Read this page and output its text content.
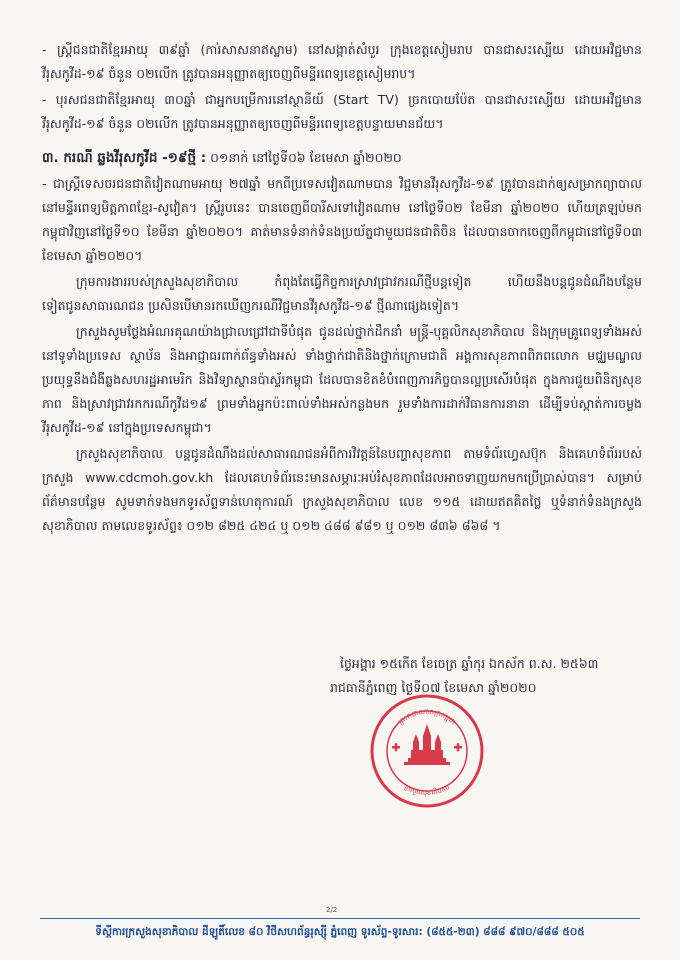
- ស្ត្រីជនជាតិខ្មែរអាយុ ៣៩ឆ្នាំ (ការ់សាសនាឥស្លាម) នៅសង្កាត់សំបួរ ក្រុងខេត្តសៀមរាប បានជាសះស្បើយ ដោយអវិជ្ជមានវីរុសកូវីដ-១៩ ចំនួន ០២លើក ត្រូវបានអនុញ្ញាតឲ្យចេញពីមន្ទីរពេទ្យខេត្តសៀមរាប។

- បុរសជនជាតិខ្មែរអាយុ ៣០ឆ្នាំ ជាអ្នកបម្រើការនៅស្ថានីយ៍ (Start TV) ច្រកបោយប៉ែត បានជាសះស្បើយ ដោយអវិជ្ជមានវីរុសកូវីដ-១៩ ចំនួន ០២លើក ត្រូវបានអនុញ្ញាតឲ្យចេញពីមន្ទីរពេទ្យខេត្តបន្ទាយមានជ័យ។

៣. ករណី ឆ្លងវីរុសកូវីដ -១៩ថ្មី : ០១នាក់ នៅថ្ងៃទី០៦ ខែមេសា ឆ្នាំ២០២០

- ជាស្ត្រីទេសចរជនជាតិវៀតណាមអាយុ ២៧ឆ្នាំ មកពីប្រទេសវៀតណាមបាន វិជ្ជមានវីរុសកូវីដ-១៩ ត្រូវបានដាក់ឲ្យសម្រាកព្យាបាលនៅមន្ទីរពេទ្យមិត្តភាពខ្មែរ-សូវៀត។ ស្ត្រីរូបនេះ បានចេញពីបារីសទៅវៀតណាម នៅថ្ងៃទី០២ ខែមីនា ឆ្នាំ២០២០ ហើយត្រឡប់មកកម្ពុជាវិញនៅថ្ងៃទី១០ ខែមីនា ឆ្នាំ២០២០។ គាត់មានទំនាក់ទំនងប្រយ័ត្នជាមួយជនជាតិចិន ដែលបានចាកចេញពីកម្ពុជានៅថ្ងៃទី០៣ ខែមេសា ឆ្នាំ២០២០។

ក្រុមការងាររបស់ក្រសួងសុខាភិបាល កំពុងតែធ្វើកិច្ចការស្រាវជ្រាវករណីថ្មីបន្តទៀត ហើយនឹងបន្តជូនដំណឹងបន្ថែមទៀតជូនសាធារណជន ប្រសិនបើមានរកឃើញករណីវិជ្ជមានវីរុសកូវីដ-១៩ ថ្មីណាផ្សេងទៀត។

ក្រសួងសូមថ្លែងអំណរគុណយ៉ាងជ្រាលជ្រៅជាទីបំផុត ជូនដល់ថ្នាក់ដឹកនាំ មន្ត្រី-បុគ្គលិកសុខាភិបាល និងក្រុមគ្រូពេទ្យទាំងអស់នៅទូទាំងប្រទេស ស្ថាប័ន និងអាជ្ញាធរពាក់ព័ន្ធទាំងអស់ ទាំងថ្នាក់ជាតិនិងថ្នាក់ក្រោមជាតិ អង្គការសុខភាពពិភពលោក មជ្ឈមណ្ឌលប្រយុទ្ធនឹងជំងឺឆ្លងសហរដ្ឋអាមេរិក និងវិទ្យាស្ថានប៉ាស្ទ័រកម្ពុជា ដែលបានខិតខំបំពេញភារកិច្ចបានល្អប្រសើរបំផុត ក្នុងការជួយពិនិត្យសុខភាព និងស្រាវជ្រាវរកករណីកូវីដ១៩ ព្រមទាំងអ្នកប៉ះពាល់ទាំងអស់កន្លងមក រួមទាំងការដាក់វិធានការនានា ដើម្បីទប់ស្កាត់ការចម្លងវីរុសកូវីដ-១៩ នៅក្នុងប្រទេសកម្ពុជា។

ក្រសួងសុខាភិបាល បន្តជូនដំណឹងដល់សាធារណជនអំពីការវិវត្តន៍នៃបញ្ហាសុខភាព តាមទំព័រហ្វេសប៊ុក និងគេហទំព័ររបស់ក្រសួង www.cdcmoh.gov.kh ដែលគេហទំព័រនេះមានសម្ភារៈអប់រំសុខភាពដែលអាចទាញយកមកប្រើប្រាស់បាន។ សម្រាប់ព័ត៌មានបន្ថែម សូមទាក់ទងមកទូរស័ព្ទទាន់ហេតុការណ៍ ក្រសួងសុខាភិបាល លេខ ១១៥ ដោយឥតគិតថ្លៃ ឬទំនាក់ទំនងក្រសួងសុខាភិបាល តាមលេខទូរស័ព្ទ៖ ០១២ ៨២៥ ៤២៤ ឬ ០១២ ៤៨៨ ៩៨១ ឬ ០១២ ៨៣៦ ៨៦៨ ។

ថ្ងៃអង្គារ ១៥កើត ខែចេត្រ ឆ្នាំកុរ ឯកស័ក ព.ស. ២៥៦៣
រាជធានីភ្នំពេញ ថ្ងៃទី០៧ ខែមេសា ឆ្នាំ២០២០
ព្រះរាជាណាចក្រកម្ពុជា
ក្រសួងសុខាភិបាល
2/2
ទីស្តីការក្រសួងសុខាភិបាល ដីឡូតិ៍លេខ ៨០ វិថីសហព័ន្ធរុស្ស៊ី ភ្នំពេញ ទូរស័ព្ទ-ទូរសារ: (៨៥៥-២៣) ៨៨៨ ៩៧០/៨៨៨ ៥០៥
